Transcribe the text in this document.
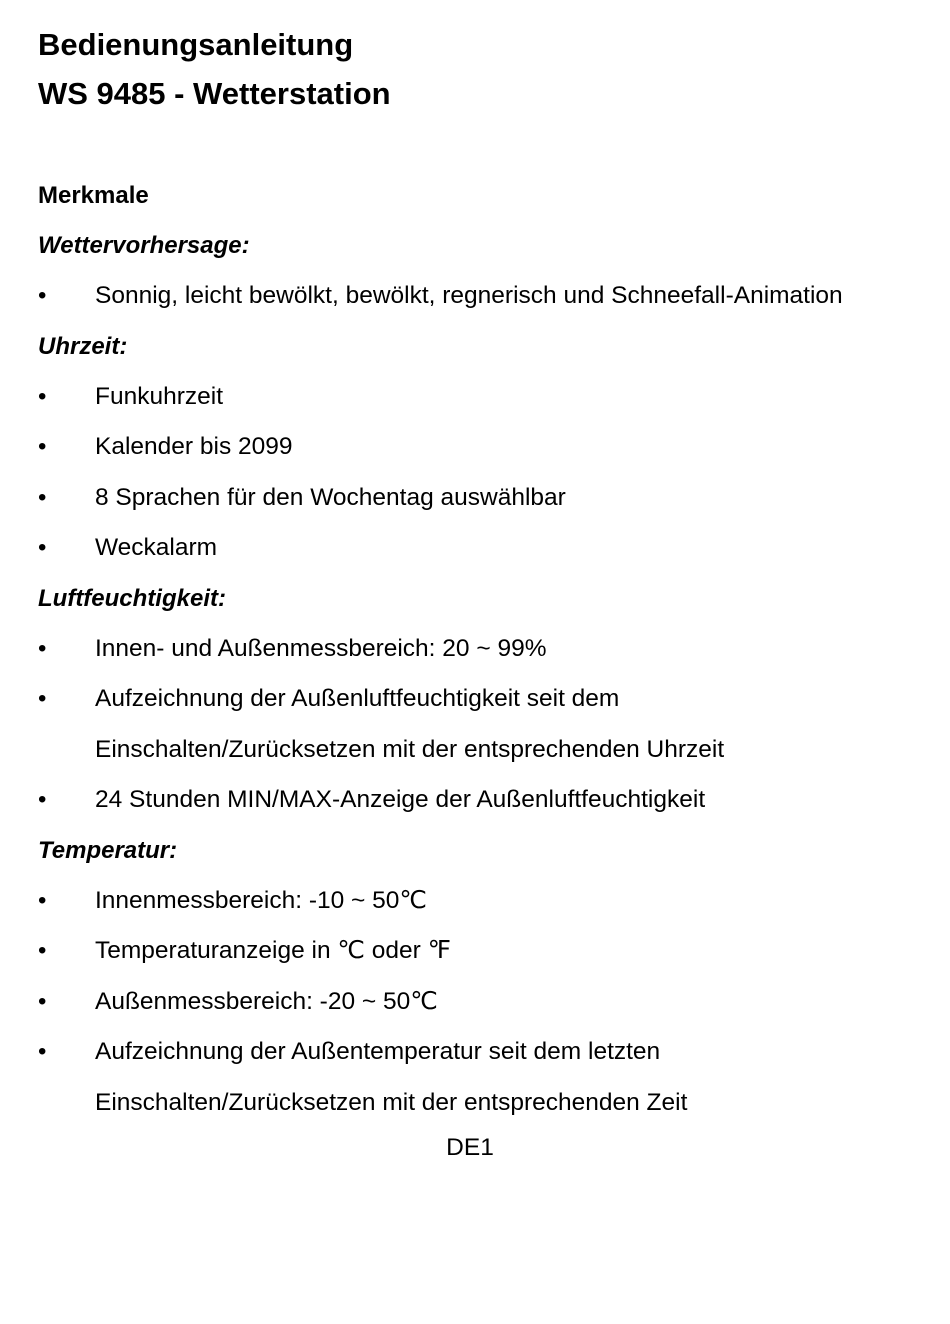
Bedienungsanleitung
WS 9485 - Wetterstation
Merkmale
Wettervorhersage:
• Sonnig, leicht bewölkt, bewölkt, regnerisch und Schneefall-Animation
Uhrzeit:
• Funkuhrzeit
• Kalender bis 2099
• 8 Sprachen für den Wochentag auswählbar
• Weckalarm
Luftfeuchtigkeit:
• Innen- und Außenmessbereich: 20 ~ 99%
• Aufzeichnung der Außenluftfeuchtigkeit seit dem
Einschalten/Zurücksetzen mit der entsprechenden Uhrzeit
• 24 Stunden MIN/MAX-Anzeige der Außenluftfeuchtigkeit
Temperatur:
• Innenmessbereich: -10 ~ 50℃
• Temperaturanzeige in ℃ oder ℉
• Außenmessbereich: -20 ~ 50℃
• Aufzeichnung der Außentemperatur seit dem letzten
Einschalten/Zurücksetzen mit der entsprechenden Zeit
DE1
